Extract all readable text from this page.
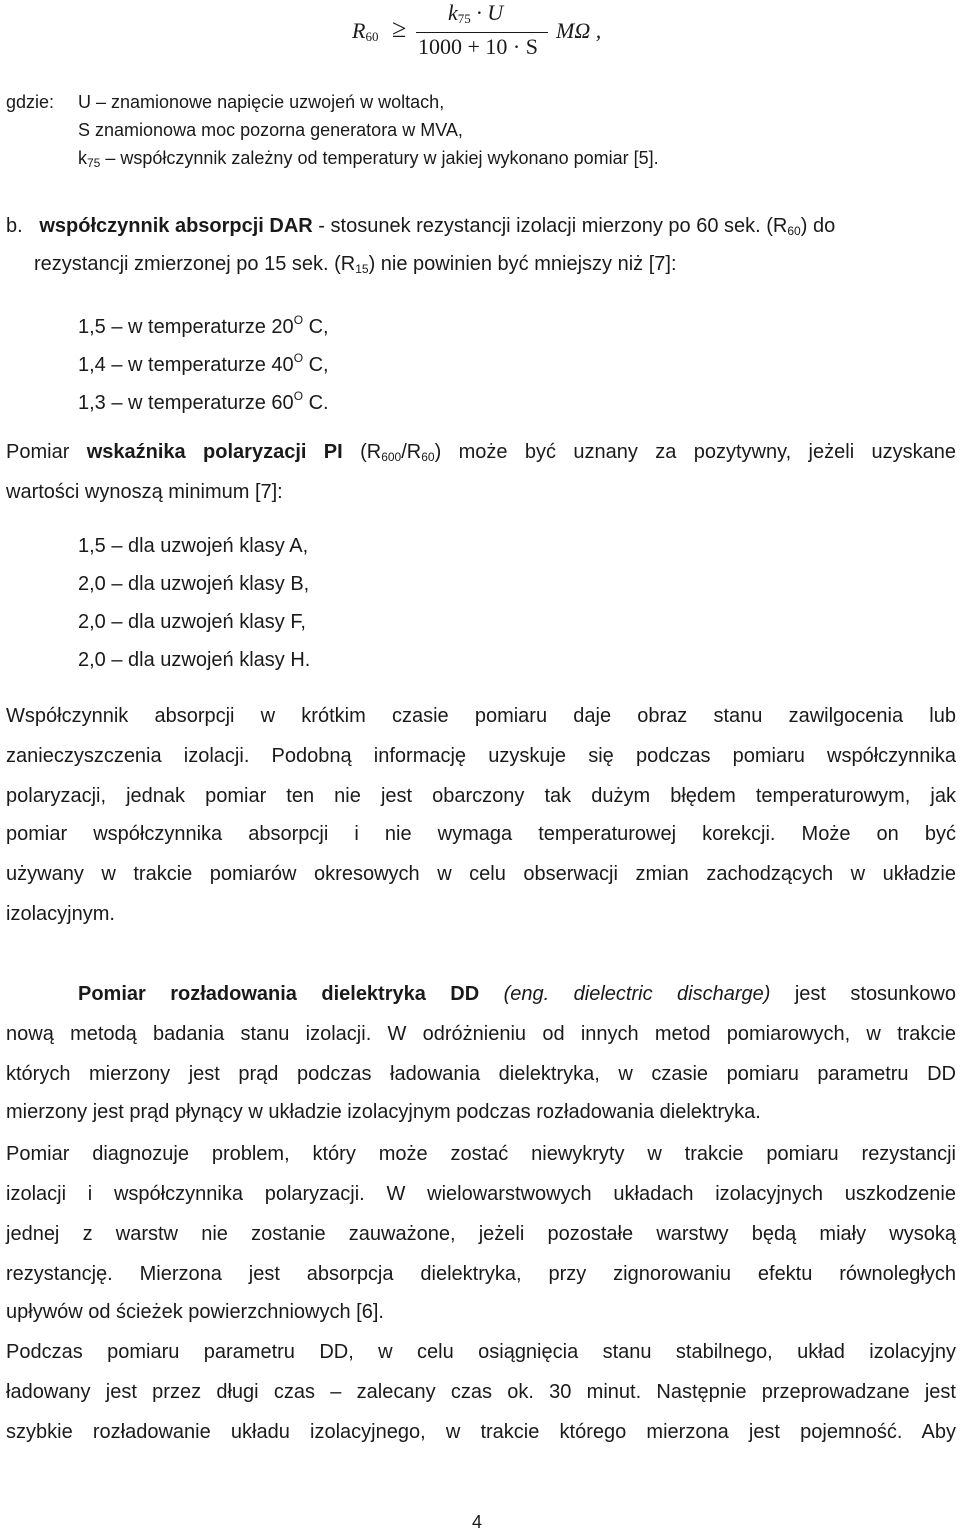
$R_{60}$ ≥
$k_{75} \cdot U$
1000 + 10 · S
MΩ ,
gdzie: U – znamionowe napięcie uzwojeń w woltach,
S znamionowa moc pozorna generatora w MVA,
$k_{75}$ – współczynnik zależny od temperatury w jakiej wykonano pomiar [5].
b. współczynnik absorpcji DAR - stosunek rezystancji izolacji mierzony po 60 sek. $(R_{60})$ do
rezystancji zmierzonej po 15 sek. $(R_{15})$ nie powinien być mniejszy niż [7]:
1,5 – w temperaturze $20^O$ C,
1,4 – w temperaturze $40^O$ C,
1,3 – w temperaturze $60^O$ C.
Pomiar wskaźnika polaryzacji PI $(R_{600}/R_{60})$ może być uznany za pozytywny, jeżeli uzyskane
wartości wynoszą minimum [7]:
1,5 – dla uzwojeń klasy A,
2,0 – dla uzwojeń klasy B,
2,0 – dla uzwojeń klasy F,
2,0 – dla uzwojeń klasy H.
Współczynnik absorpcji w krótkim czasie pomiaru daje obraz stanu zawilgocenia lub
zanieczyszczenia izolacji. Podobną informację uzyskuje się podczas pomiaru współczynnika
polaryzacji, jednak pomiar ten nie jest obarczony tak dużym błędem temperaturowym, jak
pomiar współczynnika absorpcji i nie wymaga temperaturowej korekcji. Może on być
używany w trakcie pomiarów okresowych w celu obserwacji zmian zachodzących w układzie
izolacyjnym.
Pomiar rozładowania dielektryka DD (eng. dielectric discharge) jest stosunkowo
nową metodą badania stanu izolacji. W odróżnieniu od innych metod pomiarowych, w trakcie
których mierzony jest prąd podczas ładowania dielektryka, w czasie pomiaru parametru DD
mierzony jest prąd płynący w układzie izolacyjnym podczas rozładowania dielektryka.
Pomiar diagnozuje problem, który może zostać niewykryty w trakcie pomiaru rezystancji
izolacji i współczynnika polaryzacji. W wielowarstwowych układach izolacyjnych uszkodzenie
jednej z warstw nie zostanie zauważone, jeżeli pozostałe warstwy będą miały wysoką
rezystancję. Mierzona jest absorpcja dielektryka, przy zignorowaniu efektu równoległych
upływów od ścieżek powierzchniowych [6].
Podczas pomiaru parametru DD, w celu osiągnięcia stanu stabilnego, układ izolacyjny
ładowany jest przez długi czas – zalecany czas ok. 30 minut. Następnie przeprowadzane jest
szybkie rozładowanie układu izolacyjnego, w trakcie którego mierzona jest pojemność. Aby
4
